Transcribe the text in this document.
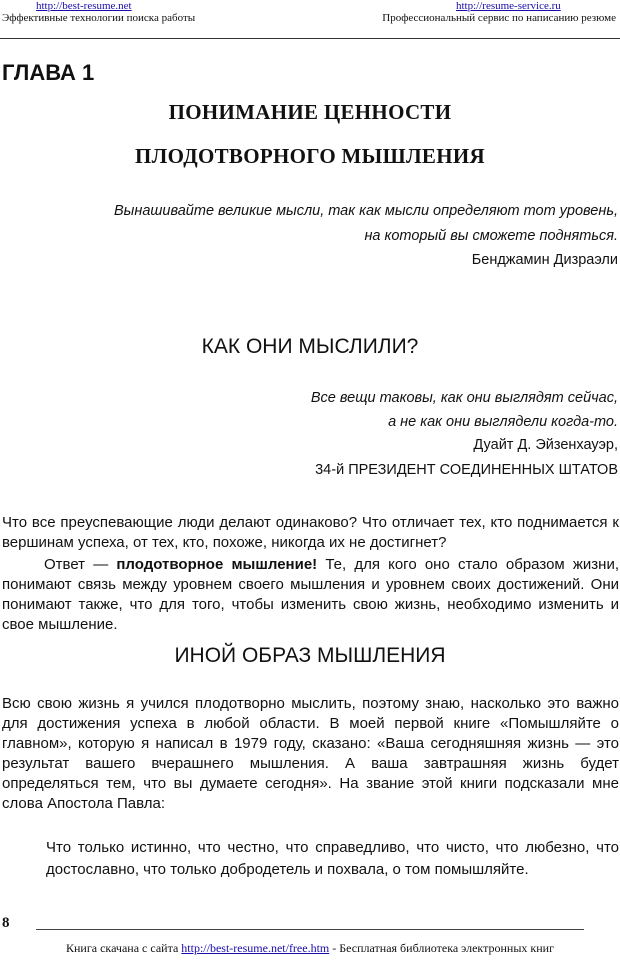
http://best-resume.net	http://resume-service.ru
Эффективные технологии поиска работы	Профессиональный сервис по написанию резюме
ГЛАВА 1
ПОНИМАНИЕ ЦЕННОСТИ
ПЛОДОТВОРНОГО МЫШЛЕНИЯ
Вынашивайте великие мысли, так как мысли определяют тот уровень,
на который вы сможете подняться.
Бенджамин Дизраэли
КАК ОНИ МЫСЛИЛИ?
Все вещи таковы, как они выглядят сейчас,
а не как они выглядели когда-то.
Дуайт Д. Эйзенхауэр,
34-й ПРЕЗИДЕНТ СОЕДИНЕННЫХ ШТАТОВ
Что все преуспевающие люди делают одинаково? Что отличает тех, кто поднимается к вершинам успеха, от тех, кто, похоже, никогда их не достигнет?
Ответ — плодотворное мышление! Те, для кого оно стало образом жизни, понимают связь между уровнем своего мышления и уровнем своих достижений. Они понимают также, что для того, чтобы изменить свою жизнь, необходимо изменить и свое мышление.
ИНОЙ ОБРАЗ МЫШЛЕНИЯ
Всю свою жизнь я учился плодотворно мыслить, поэтому знаю, насколько это важно для достижения успеха в любой области. В моей первой книге «Помышляйте о главном», которую я написал в 1979 году, сказано: «Ваша сегодняшняя жизнь — это результат вашего вчерашнего мышления. А ваша завтрашняя жизнь будет определяться тем, что вы думаете сегодня». На звание этой книги подсказали мне слова Апостола Павла:
Что только истинно, что честно, что справедливо, что чисто, что любезно, что достославно, что только добродетель и похвала, о том помышляйте.
8
Книга скачана с сайта http://best-resume.net/free.htm - Бесплатная библиотека электронных книг
